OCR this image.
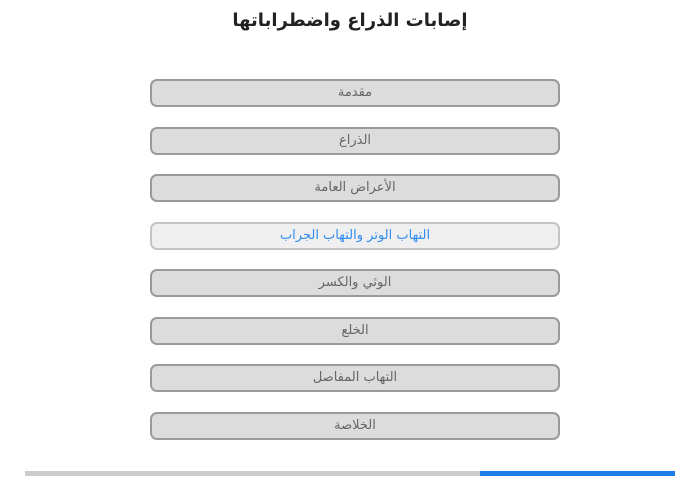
إصابات الذراع واضطراباتها
مقدمة
الذراع
الأعراض العامة
التهاب الوتر والتهاب الجراب
الوثي والكسر
الخلع
التهاب المفاصل
الخلاصة
